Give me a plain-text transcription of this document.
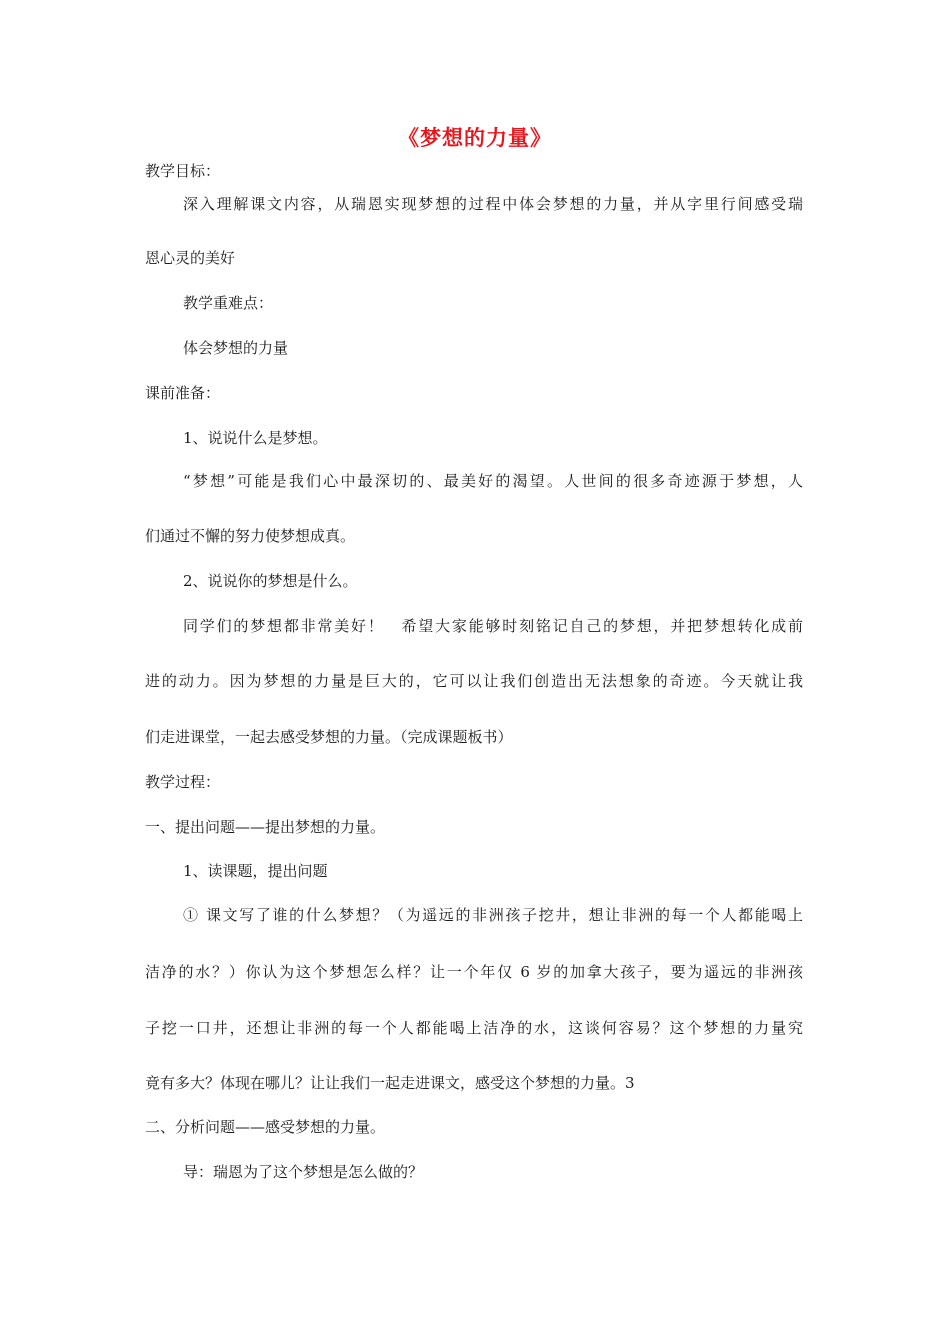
《梦想的力量》
教学目标：
深入理解课文内容，从瑞恩实现梦想的过程中体会梦想的力量，并从字里行间感受瑞
恩心灵的美好
教学重难点：
体会梦想的力量
课前准备：
1、说说什么是梦想。
“梦想”可能是我们心中最深切的、最美好的渴望。人世间的很多奇迹源于梦想，人
们通过不懈的努力使梦想成真。
2、说说你的梦想是什么。
同学们的梦想都非常美好！　希望大家能够时刻铭记自己的梦想，并把梦想转化成前
进的动力。因为梦想的力量是巨大的，它可以让我们创造出无法想象的奇迹。今天就让我
们走进课堂，一起去感受梦想的力量。（完成课题板书）
教学过程：
一、提出问题——提出梦想的力量。
1、读课题，提出问题
① 课文写了谁的什么梦想？（为遥远的非洲孩子挖井，想让非洲的每一个人都能喝上
洁净的水？）你认为这个梦想怎么样？让一个年仅 6 岁的加拿大孩子，要为遥远的非洲孩
子挖一口井，还想让非洲的每一个人都能喝上洁净的水，这谈何容易？这个梦想的力量究
竟有多大？体现在哪儿？让让我们一起走进课文，感受这个梦想的力量。3
二、分析问题——感受梦想的力量。
导：瑞恩为了这个梦想是怎么做的？
